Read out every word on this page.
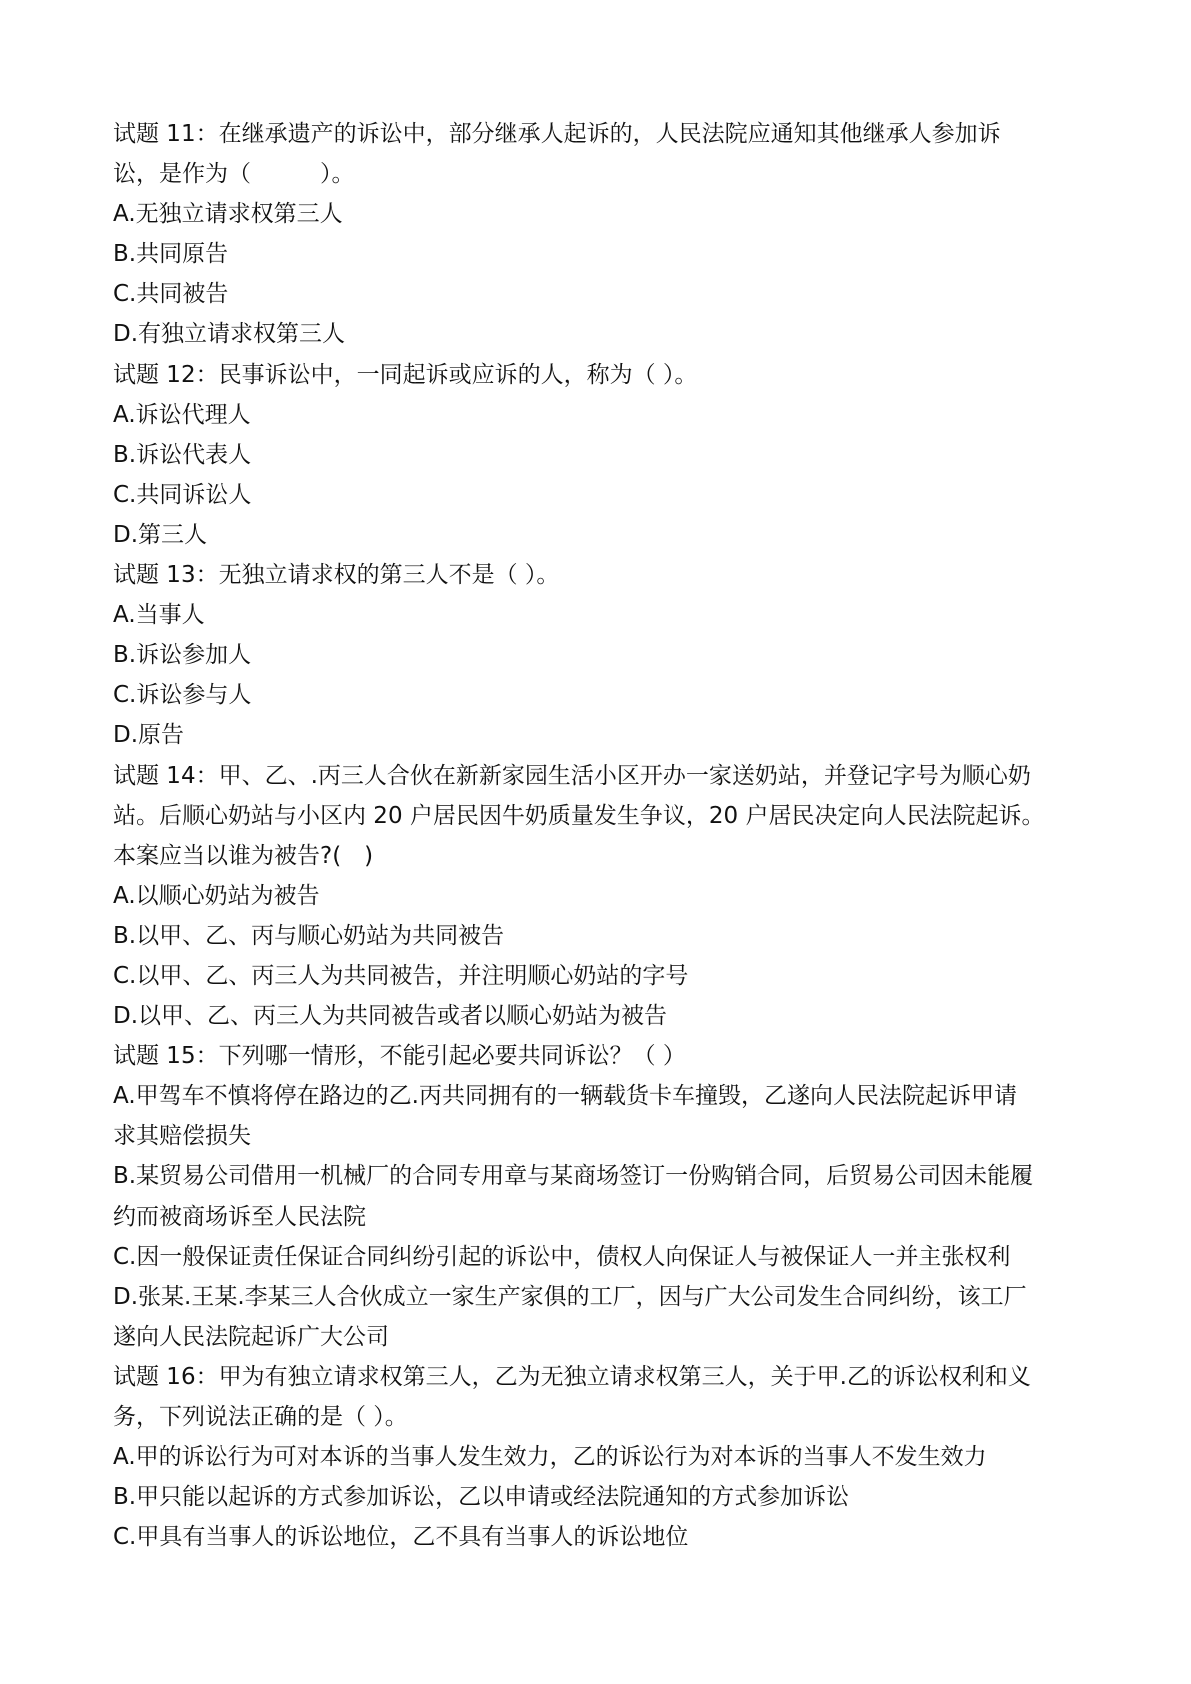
试题 11：在继承遗产的诉讼中，部分继承人起诉的，人民法院应通知其他继承人参加诉
讼，是作为（　　　）。
A.无独立请求权第三人
B.共同原告
C.共同被告
D.有独立请求权第三人
试题 12：民事诉讼中，一同起诉或应诉的人，称为（ ）。
A.诉讼代理人
B.诉讼代表人
C.共同诉讼人
D.第三人
试题 13：无独立请求权的第三人不是（ ）。
A.当事人
B.诉讼参加人
C.诉讼参与人
D.原告
试题 14：甲、乙、.丙三人合伙在新新家园生活小区开办一家送奶站，并登记字号为顺心奶
站。后顺心奶站与小区内 20 户居民因牛奶质量发生争议，20 户居民决定向人民法院起诉。
本案应当以谁为被告?(　)
A.以顺心奶站为被告
B.以甲、乙、丙与顺心奶站为共同被告
C.以甲、乙、丙三人为共同被告，并注明顺心奶站的字号
D.以甲、乙、丙三人为共同被告或者以顺心奶站为被告
试题 15：下列哪一情形，不能引起必要共同诉讼？（ ）
A.甲驾车不慎将停在路边的乙.丙共同拥有的一辆载货卡车撞毁，乙遂向人民法院起诉甲请
求其赔偿损失
B.某贸易公司借用一机械厂的合同专用章与某商场签订一份购销合同，后贸易公司因未能履
约而被商场诉至人民法院
C.因一般保证责任保证合同纠纷引起的诉讼中，债权人向保证人与被保证人一并主张权利
D.张某.王某.李某三人合伙成立一家生产家俱的工厂，因与广大公司发生合同纠纷，该工厂
遂向人民法院起诉广大公司
试题 16：甲为有独立请求权第三人，乙为无独立请求权第三人，关于甲.乙的诉讼权利和义
务，下列说法正确的是（ ）。
A.甲的诉讼行为可对本诉的当事人发生效力，乙的诉讼行为对本诉的当事人不发生效力
B.甲只能以起诉的方式参加诉讼，乙以申请或经法院通知的方式参加诉讼
C.甲具有当事人的诉讼地位，乙不具有当事人的诉讼地位
